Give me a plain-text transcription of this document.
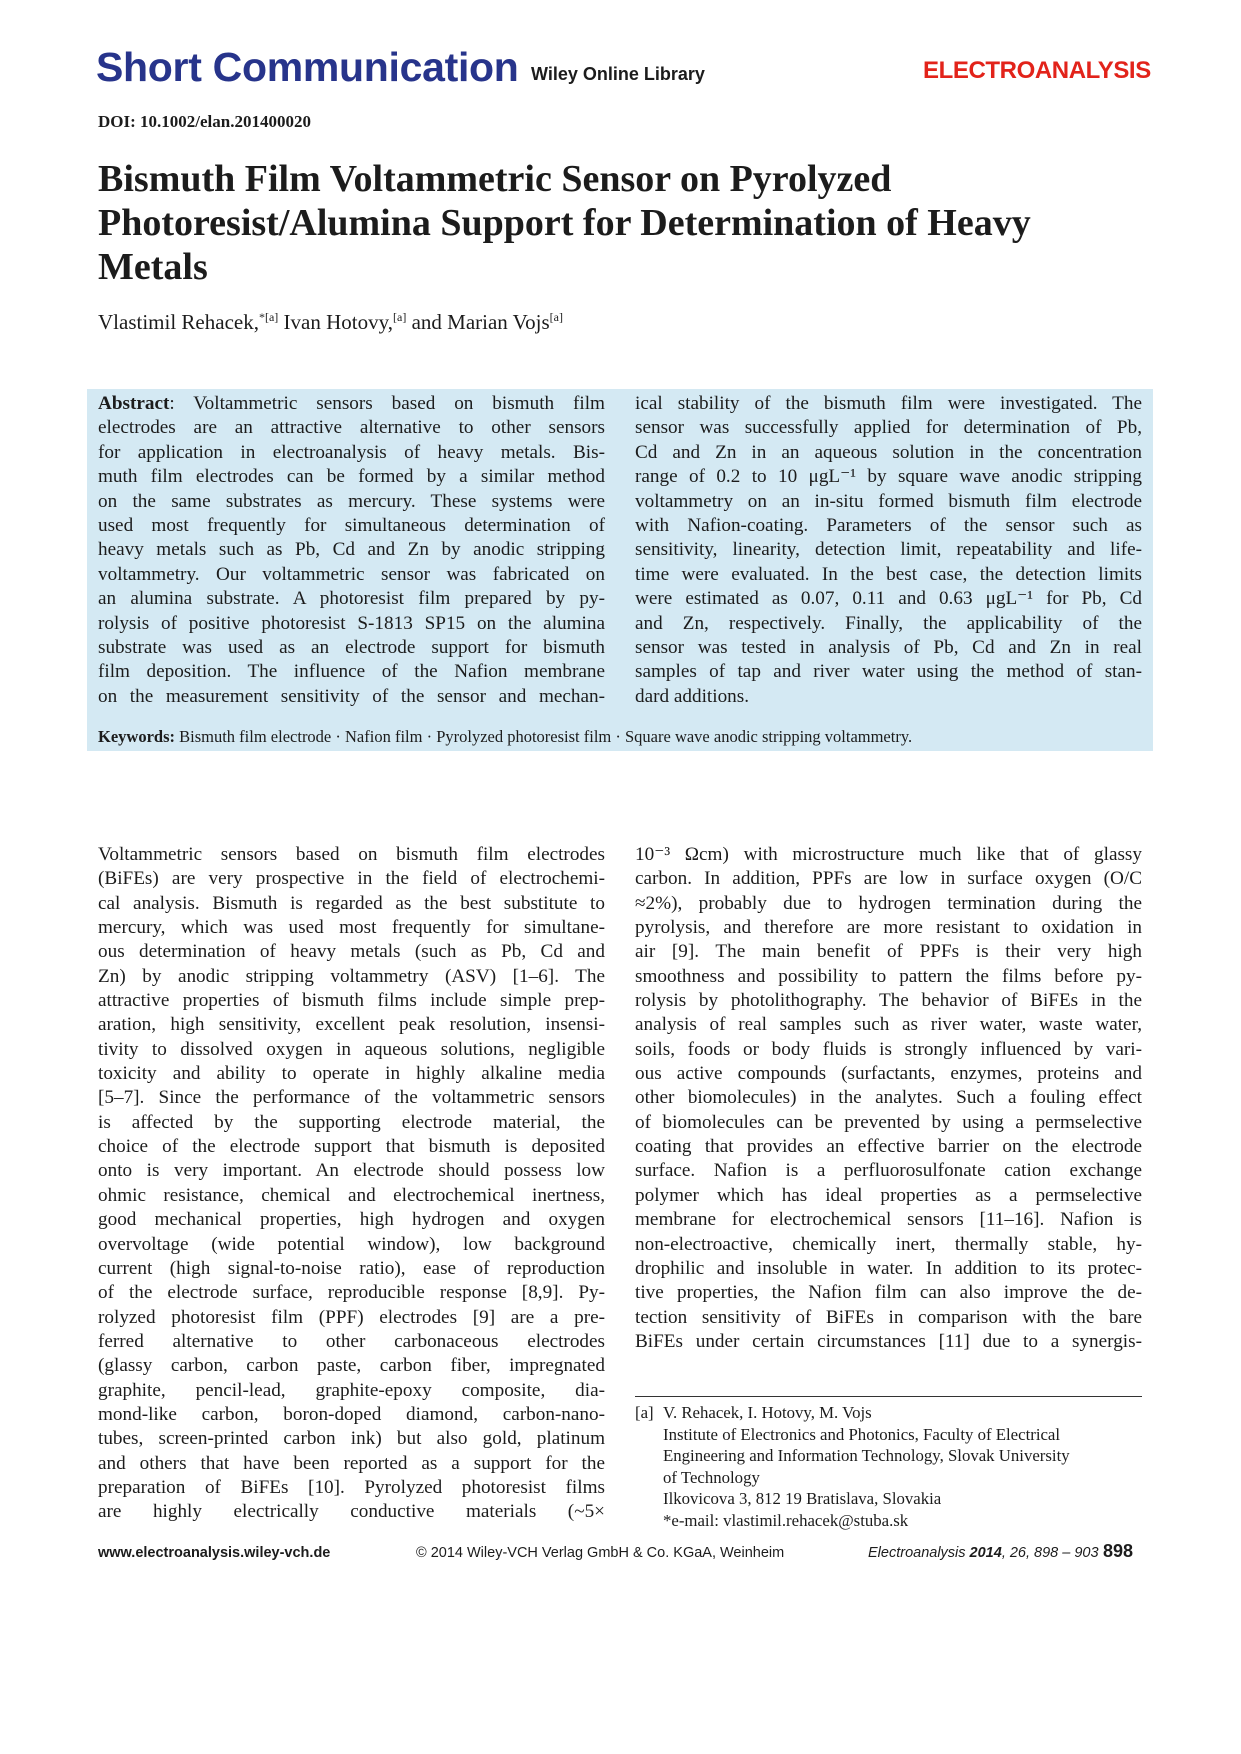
Short Communication Wiley Online Library	ELECTROANALYSIS
DOI: 10.1002/elan.201400020
Bismuth Film Voltammetric Sensor on Pyrolyzed
Photoresist/Alumina Support for Determination of Heavy
Metals
Vlastimil Rehacek,$^{*[a]}$ Ivan Hotovy,[a] and Marian Vojs[a]
Abstract: Voltammetric sensors based on bismuth film
electrodes are an attractive alternative to other sensors
for application in electroanalysis of heavy metals. Bis-
muth film electrodes can be formed by a similar method
on the same substrates as mercury. These systems were
used most frequently for simultaneous determination of
heavy metals such as Pb, Cd and Zn by anodic stripping
voltammetry. Our voltammetric sensor was fabricated on
an alumina substrate. A photoresist film prepared by py-
rolysis of positive photoresist S-1813 SP15 on the alumina
substrate was used as an electrode support for bismuth
film deposition. The influence of the Nafion membrane
on the measurement sensitivity of the sensor and mechan-
ical stability of the bismuth film were investigated. The
sensor was successfully applied for determination of Pb,
Cd and Zn in an aqueous solution in the concentration
range of 0.2 to 10 μgL⁻¹ by square wave anodic stripping
voltammetry on an in-situ formed bismuth film electrode
with Nafion-coating. Parameters of the sensor such as
sensitivity, linearity, detection limit, repeatability and life-
time were evaluated. In the best case, the detection limits
were estimated as 0.07, 0.11 and 0.63 μgL⁻¹ for Pb, Cd
and Zn, respectively. Finally, the applicability of the
sensor was tested in analysis of Pb, Cd and Zn in real
samples of tap and river water using the method of stan-
dard additions.
Keywords: Bismuth film electrode · Nafion film · Pyrolyzed photoresist film · Square wave anodic stripping voltammetry.
Voltammetric sensors based on bismuth film electrodes
(BiFEs) are very prospective in the field of electrochemi-
cal analysis. Bismuth is regarded as the best substitute to
mercury, which was used most frequently for simultane-
ous determination of heavy metals (such as Pb, Cd and
Zn) by anodic stripping voltammetry (ASV) [1–6]. The
attractive properties of bismuth films include simple prep-
aration, high sensitivity, excellent peak resolution, insensi-
tivity to dissolved oxygen in aqueous solutions, negligible
toxicity and ability to operate in highly alkaline media
[5–7]. Since the performance of the voltammetric sensors
is affected by the supporting electrode material, the
choice of the electrode support that bismuth is deposited
onto is very important. An electrode should possess low
ohmic resistance, chemical and electrochemical inertness,
good mechanical properties, high hydrogen and oxygen
overvoltage (wide potential window), low background
current (high signal-to-noise ratio), ease of reproduction
of the electrode surface, reproducible response [8,9]. Py-
rolyzed photoresist film (PPF) electrodes [9] are a pre-
ferred alternative to other carbonaceous electrodes
(glassy carbon, carbon paste, carbon fiber, impregnated
graphite, pencil-lead, graphite-epoxy composite, dia-
mond-like carbon, boron-doped diamond, carbon-nano-
tubes, screen-printed carbon ink) but also gold, platinum
and others that have been reported as a support for the
preparation of BiFEs [10]. Pyrolyzed photoresist films
are highly electrically conductive materials (~5×
10⁻³ Ωcm) with microstructure much like that of glassy
carbon. In addition, PPFs are low in surface oxygen (O/C
≈2%), probably due to hydrogen termination during the
pyrolysis, and therefore are more resistant to oxidation in
air [9]. The main benefit of PPFs is their very high
smoothness and possibility to pattern the films before py-
rolysis by photolithography. The behavior of BiFEs in the
analysis of real samples such as river water, waste water,
soils, foods or body fluids is strongly influenced by vari-
ous active compounds (surfactants, enzymes, proteins and
other biomolecules) in the analytes. Such a fouling effect
of biomolecules can be prevented by using a permselective
coating that provides an effective barrier on the electrode
surface. Nafion is a perfluorosulfonate cation exchange
polymer which has ideal properties as a permselective
membrane for electrochemical sensors [11–16]. Nafion is
non-electroactive, chemically inert, thermally stable, hy-
drophilic and insoluble in water. In addition to its protec-
tive properties, the Nafion film can also improve the de-
tection sensitivity of BiFEs in comparison with the bare
BiFEs under certain circumstances [11] due to a synergis-
[a] V. Rehacek, I. Hotovy, M. Vojs
Institute of Electronics and Photonics, Faculty of Electrical
Engineering and Information Technology, Slovak University
of Technology
Ilkovicova 3, 812 19 Bratislava, Slovakia
*e-mail: vlastimil.rehacek@stuba.sk
www.electroanalysis.wiley-vch.de	© 2014 Wiley-VCH Verlag GmbH & Co. KGaA, Weinheim	Electroanalysis 2014, 26, 898 – 903 898
